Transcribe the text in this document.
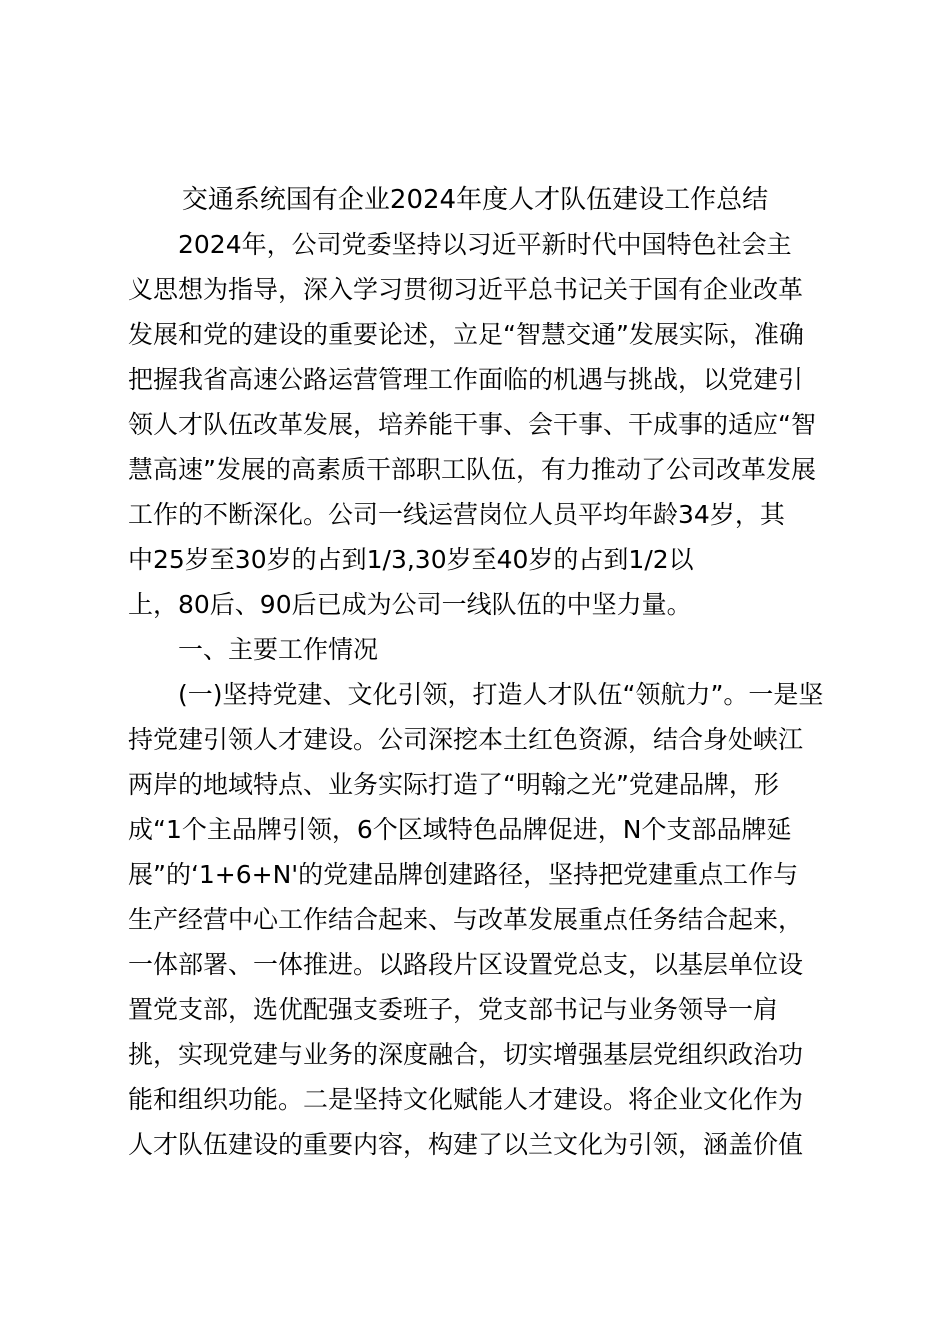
交通系统国有企业2024年度人才队伍建设工作总结
2024年，公司党委坚持以习近平新时代中国特色社会主
义思想为指导，深入学习贯彻习近平总书记关于国有企业改革
发展和党的建设的重要论述，立足“智慧交通”发展实际，准确
把握我省高速公路运营管理工作面临的机遇与挑战，以党建引
领人才队伍改革发展，培养能干事、会干事、干成事的适应“智
慧高速”发展的高素质干部职工队伍，有力推动了公司改革发展
工作的不断深化。公司一线运营岗位人员平均年龄34岁，其
中25岁至30岁的占到1/3,30岁至40岁的占到1/2以
上，80后、90后已成为公司一线队伍的中坚力量。
一、主要工作情况
(一)坚持党建、文化引领，打造人才队伍“领航力”。一是坚
持党建引领人才建设。公司深挖本土红色资源，结合身处峡江
两岸的地域特点、业务实际打造了“明翰之光”党建品牌，形
成“1个主品牌引领，6个区域特色品牌促进，N个支部品牌延
展”的‘1+6+N'的党建品牌创建路径，坚持把党建重点工作与
生产经营中心工作结合起来、与改革发展重点任务结合起来，
一体部署、一体推进。以路段片区设置党总支，以基层单位设
置党支部，选优配强支委班子，党支部书记与业务领导一肩
挑，实现党建与业务的深度融合，切实增强基层党组织政治功
能和组织功能。二是坚持文化赋能人才建设。将企业文化作为
人才队伍建设的重要内容，构建了以兰文化为引领，涵盖价值
